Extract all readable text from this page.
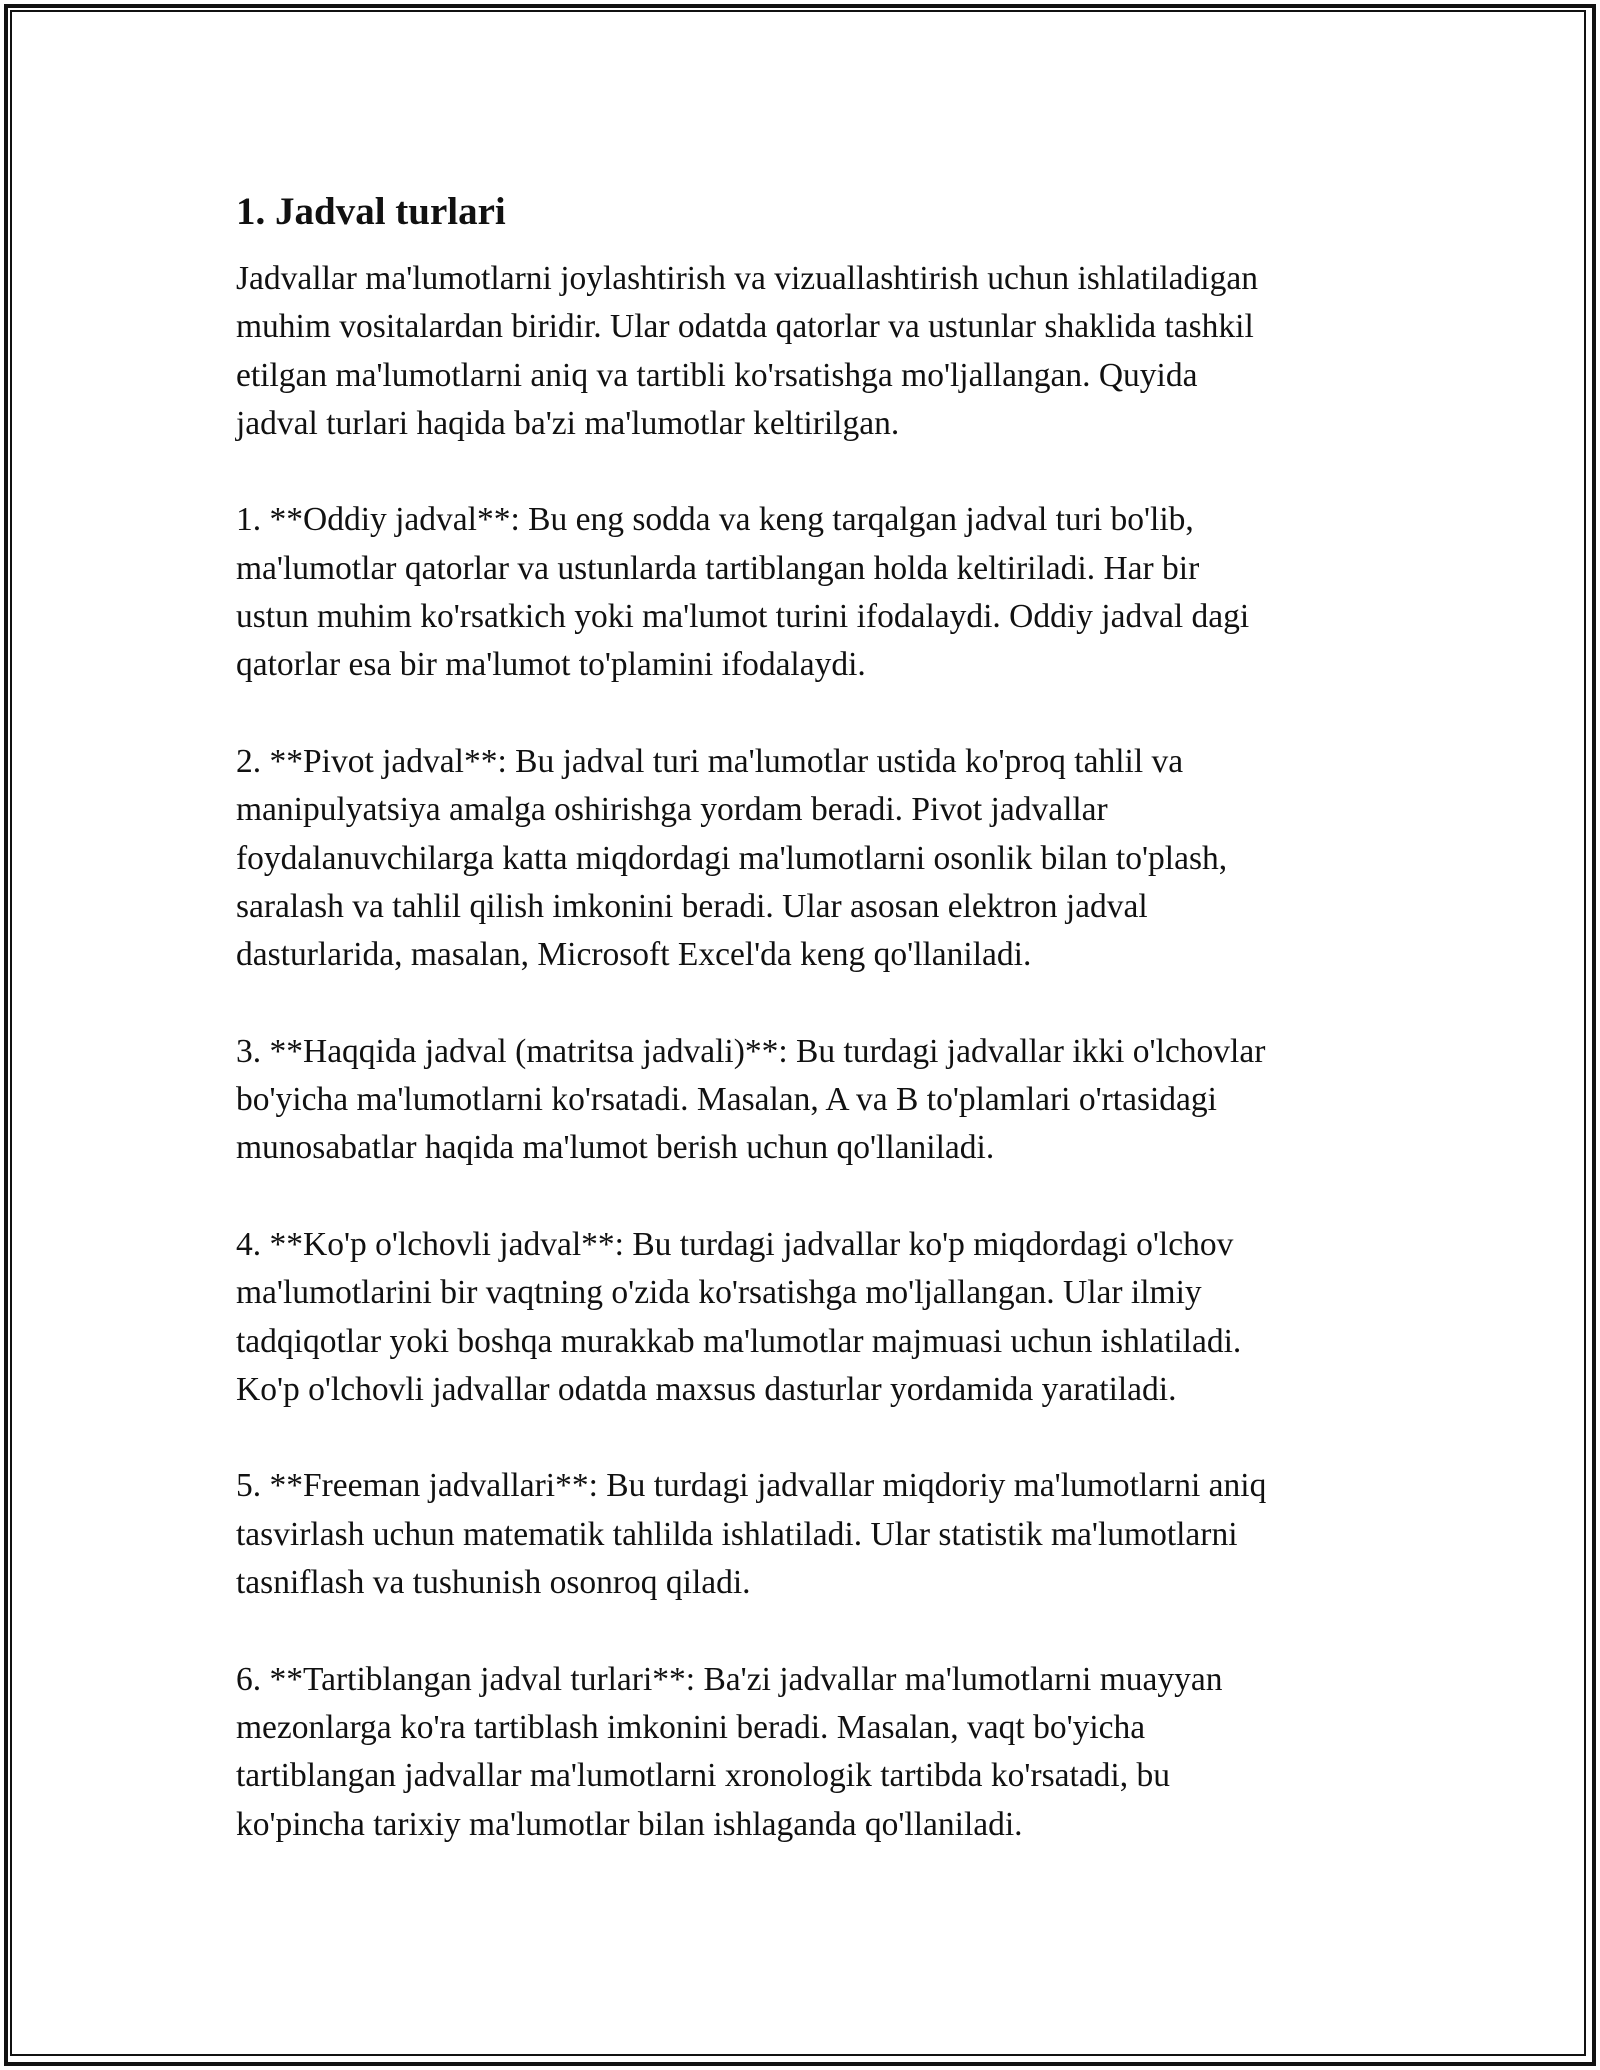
1. Jadval turlari

Jadvallar ma'lumotlarni joylashtirish va vizuallashtirish uchun ishlatiladigan
muhim vositalardan biridir. Ular odatda qatorlar va ustunlar shaklida tashkil
etilgan ma'lumotlarni aniq va tartibli ko'rsatishga mo'ljallangan. Quyida
jadval turlari haqida ba'zi ma'lumotlar keltirilgan.

1. **Oddiy jadval**: Bu eng sodda va keng tarqalgan jadval turi bo'lib,
ma'lumotlar qatorlar va ustunlarda tartiblangan holda keltiriladi. Har bir
ustun muhim ko'rsatkich yoki ma'lumot turini ifodalaydi. Oddiy jadval dagi
qatorlar esa bir ma'lumot to'plamini ifodalaydi.

2. **Pivot jadval**: Bu jadval turi ma'lumotlar ustida ko'proq tahlil va
manipulyatsiya amalga oshirishga yordam beradi. Pivot jadvallar
foydalanuvchilarga katta miqdordagi ma'lumotlarni osonlik bilan to'plash,
saralash va tahlil qilish imkonini beradi. Ular asosan elektron jadval
dasturlarida, masalan, Microsoft Excel'da keng qo'llaniladi.

3. **Haqqida jadval (matritsa jadvali)**: Bu turdagi jadvallar ikki o'lchovlar
bo'yicha ma'lumotlarni ko'rsatadi. Masalan, A va B to'plamlari o'rtasidagi
munosabatlar haqida ma'lumot berish uchun qo'llaniladi.

4. **Ko'p o'lchovli jadval**: Bu turdagi jadvallar ko'p miqdordagi o'lchov
ma'lumotlarini bir vaqtning o'zida ko'rsatishga mo'ljallangan. Ular ilmiy
tadqiqotlar yoki boshqa murakkab ma'lumotlar majmuasi uchun ishlatiladi.
Ko'p o'lchovli jadvallar odatda maxsus dasturlar yordamida yaratiladi.

5. **Freeman jadvallari**: Bu turdagi jadvallar miqdoriy ma'lumotlarni aniq
tasvirlash uchun matematik tahlilda ishlatiladi. Ular statistik ma'lumotlarni
tasniflash va tushunish osonroq qiladi.

6. **Tartiblangan jadval turlari**: Ba'zi jadvallar ma'lumotlarni muayyan
mezonlarga ko'ra tartiblash imkonini beradi. Masalan, vaqt bo'yicha
tartiblangan jadvallar ma'lumotlarni xronologik tartibda ko'rsatadi, bu
ko'pincha tarixiy ma'lumotlar bilan ishlaganda qo'llaniladi.
